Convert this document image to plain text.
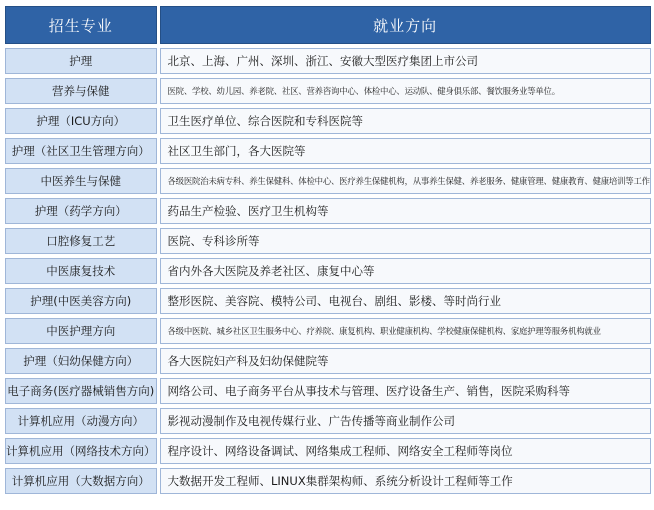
招生专业	就业方向
护理	北京、上海、广州、深圳、浙江、安徽大型医疗集团上市公司
营养与保健	医院、学校、幼儿园、养老院、社区、营养咨询中心、体检中心、运动队、健身俱乐部、餐饮服务业等单位。
护理（ICU方向）	卫生医疗单位、综合医院和专科医院等
护理（社区卫生管理方向）	社区卫生部门，各大医院等
中医养生与保健	各级医院治未病专科、养生保健科、体检中心、医疗养生保健机构，从事养生保健、养老服务、健康管理、健康教育、健康培训等工作
护理（药学方向）	药品生产检验、医疗卫生机构等
口腔修复工艺	医院、专科诊所等
中医康复技术	省内外各大医院及养老社区、康复中心等
护理(中医美容方向)	整形医院、美容院、模特公司、电视台、剧组、影楼、等时尚行业
中医护理方向	各级中医院、城乡社区卫生服务中心、疗养院、康复机构、职业健康机构、学校健康保健机构、家庭护理等服务机构就业
护理（妇幼保健方向）	各大医院妇产科及妇幼保健院等
电子商务(医疗器械销售方向)	网络公司、电子商务平台从事技术与管理、医疗设备生产、销售，医院采购科等
计算机应用（动漫方向）	影视动漫制作及电视传媒行业、广告传播等商业制作公司
计算机应用（网络技术方向）	程序设计、网络设备调试、网络集成工程师、网络安全工程师等岗位
计算机应用（大数据方向）	大数据开发工程师、LINUX集群架构师、系统分析设计工程师等工作
